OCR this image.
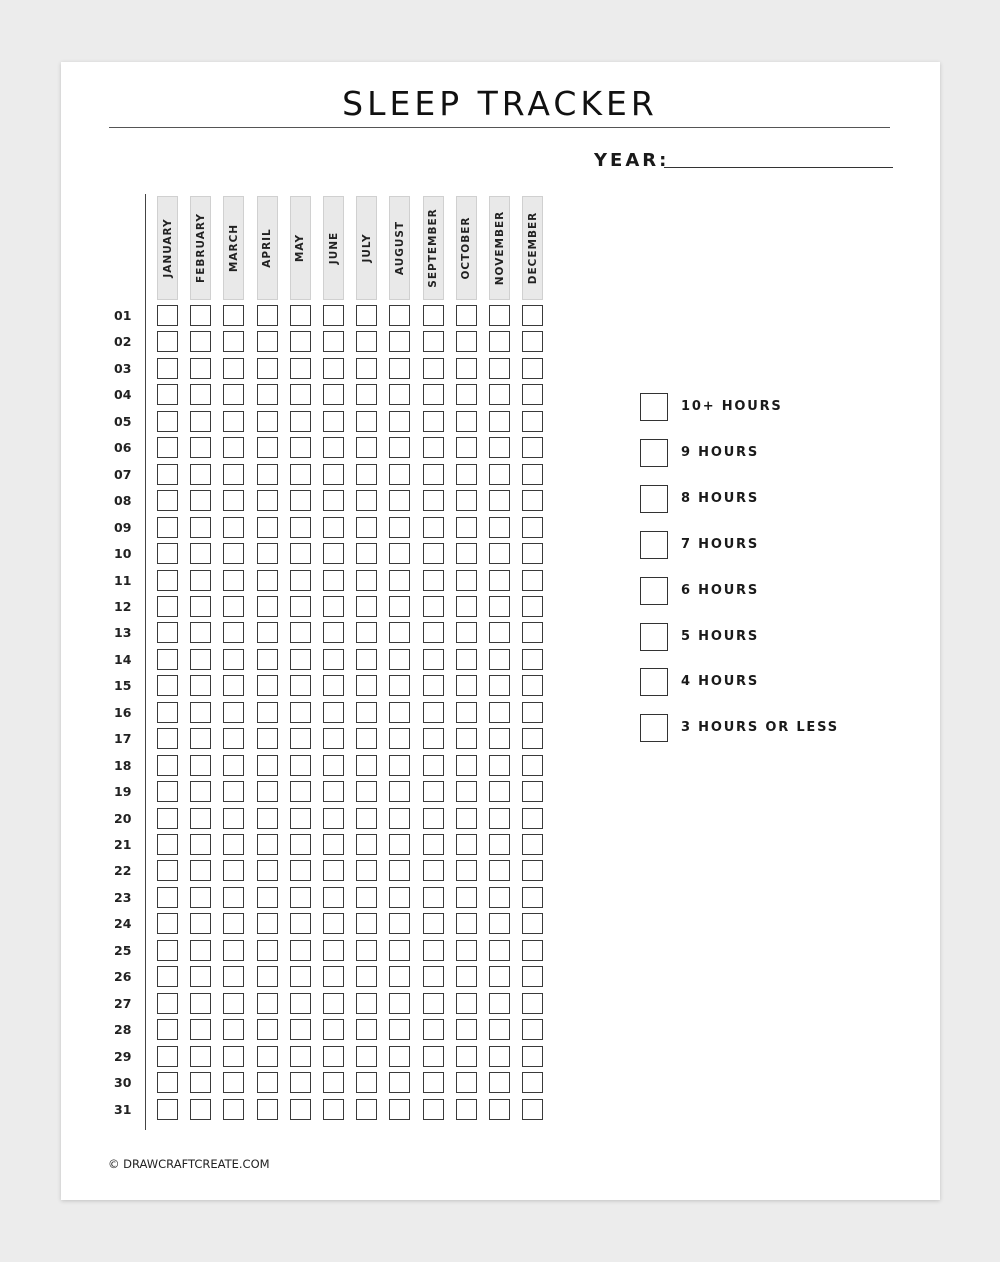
SLEEP TRACKER
YEAR:
JANUARY FEBRUARY MARCH APRIL MAY JUNE JULY AUGUST SEPTEMBER OCTOBER NOVEMBER DECEMBER
01
02
03
04
05
06
07
08
09
10
11
12
13
14
15
16
17
18
19
20
21
22
23
24
25
26
27
28
29
30
31
10+ HOURS
9 HOURS
8 HOURS
7 HOURS
6 HOURS
5 HOURS
4 HOURS
3 HOURS OR LESS
© DRAWCRAFTCREATE.COM
